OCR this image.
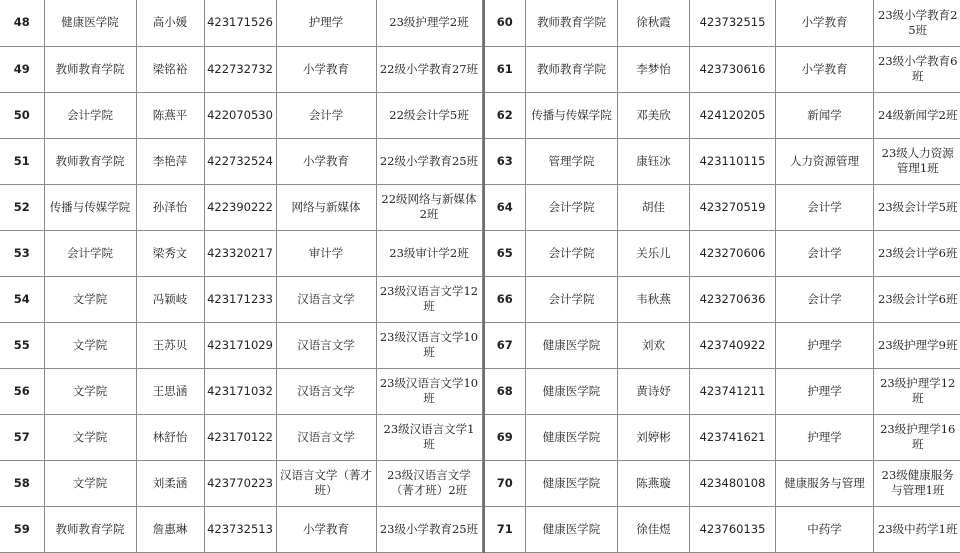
48	健康医学院	高小媛	423171526	护理学	23级护理学2班
49	教师教育学院	梁铭裕	422732732	小学教育	22级小学教育27班
50	会计学院	陈燕平	422070530	会计学	22级会计学5班
51	教师教育学院	李艳萍	422732524	小学教育	22级小学教育25班
52	传播与传媒学院	孙泽怡	422390222	网络与新媒体	22级网络与新媒体2班
53	会计学院	梁秀文	423320217	审计学	23级审计学2班
54	文学院	冯颖岐	423171233	汉语言文学	23级汉语言文学12班
55	文学院	王苏贝	423171029	汉语言文学	23级汉语言文学10班
56	文学院	王思涵	423171032	汉语言文学	23级汉语言文学10班
57	文学院	林舒怡	423170122	汉语言文学	23级汉语言文学1班
58	文学院	刘柔涵	423770223	汉语言文学（菁才班）	23级汉语言文学（菁才班）2班
59	教师教育学院	詹惠琳	423732513	小学教育	23级小学教育25班
60	教师教育学院	徐秋霞	423732515	小学教育	23级小学教育25班
61	教师教育学院	李梦怡	423730616	小学教育	23级小学教育6班
62	传播与传媒学院	邓美欣	424120205	新闻学	24级新闻学2班
63	管理学院	康钰冰	423110115	人力资源管理	23级人力资源管理1班
64	会计学院	胡佳	423270519	会计学	23级会计学5班
65	会计学院	关乐儿	423270606	会计学	23级会计学6班
66	会计学院	韦秋燕	423270636	会计学	23级会计学6班
67	健康医学院	刘欢	423740922	护理学	23级护理学9班
68	健康医学院	黄诗妤	423741211	护理学	23级护理学12班
69	健康医学院	刘婷彬	423741621	护理学	23级护理学16班
70	健康医学院	陈燕璇	423480108	健康服务与管理	23级健康服务与管理1班
71	健康医学院	徐佳煜	423760135	中药学	23级中药学1班
